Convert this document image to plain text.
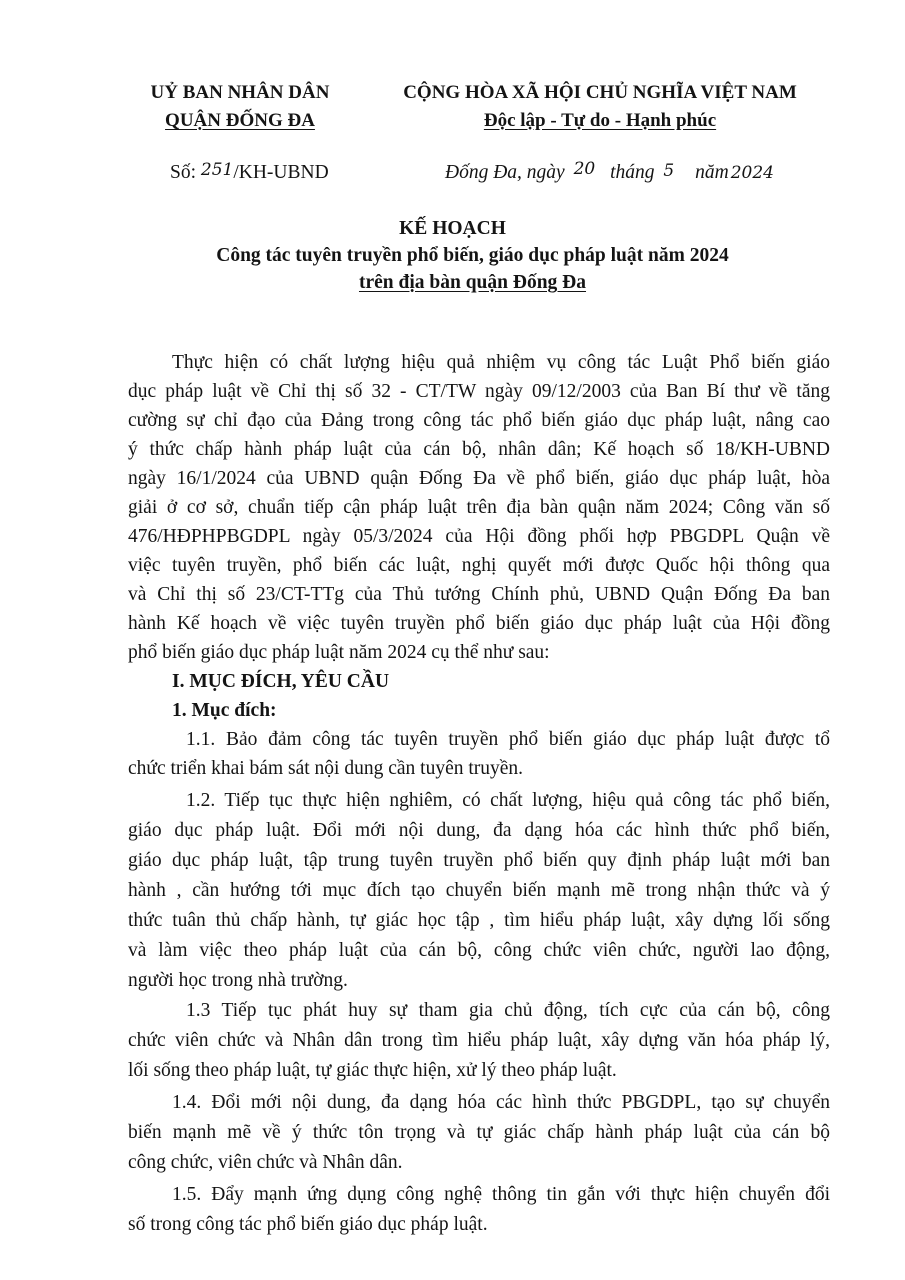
UỶ BAN NHÂN DÂN
QUẬN ĐỐNG ĐA
CỘNG HÒA XÃ HỘI CHỦ NGHĨA VIỆT NAM
Độc lập - Tự do - Hạnh phúc
Số: 251/KH-UBND	Đống Đa, ngày 20 tháng 5 năm 2024
KẾ HOẠCH
Công tác tuyên truyền phổ biến, giáo dục pháp luật năm 2024
trên địa bàn quận Đống Đa
Thực hiện có chất lượng hiệu quả nhiệm vụ công tác Luật Phổ biến giáo
dục pháp luật về Chỉ thị số 32 - CT/TW ngày 09/12/2003 của Ban Bí thư về tăng
cường sự chỉ đạo của Đảng trong công tác phổ biến giáo dục pháp luật, nâng cao
ý thức chấp hành pháp luật của cán bộ, nhân dân; Kế hoạch số 18/KH-UBND
ngày 16/1/2024 của UBND quận Đống Đa về phổ biến, giáo dục pháp luật, hòa
giải ở cơ sở, chuẩn tiếp cận pháp luật trên địa bàn quận năm 2024; Công văn số
476/HĐPHPBGDPL ngày 05/3/2024 của Hội đồng phối hợp PBGDPL Quận về
việc tuyên truyền, phổ biến các luật, nghị quyết mới được Quốc hội thông qua
và Chỉ thị số 23/CT-TTg của Thủ tướng Chính phủ, UBND Quận Đống Đa ban
hành Kế hoạch về việc tuyên truyền phổ biến giáo dục pháp luật của Hội đồng
phổ biến giáo dục pháp luật năm 2024 cụ thể như sau:
I. MỤC ĐÍCH, YÊU CẦU
1. Mục đích:
1.1. Bảo đảm công tác tuyên truyền phổ biến giáo dục pháp luật được tổ
chức triển khai bám sát nội dung cần tuyên truyền.
1.2. Tiếp tục thực hiện nghiêm, có chất lượng, hiệu quả công tác phổ biến,
giáo dục pháp luật. Đổi mới nội dung, đa dạng hóa các hình thức phổ biến,
giáo dục pháp luật, tập trung tuyên truyền phổ biến quy định pháp luật mới ban
hành , cần hướng tới mục đích tạo chuyển biến mạnh mẽ trong nhận thức và ý
thức tuân thủ chấp hành, tự giác học tập , tìm hiểu pháp luật, xây dựng lối sống
và làm việc theo pháp luật của cán bộ, công chức viên chức, người lao động,
người học trong nhà trường.
1.3 Tiếp tục phát huy sự tham gia chủ động, tích cực của cán bộ, công
chức viên chức và Nhân dân trong tìm hiểu pháp luật, xây dựng văn hóa pháp lý,
lối sống theo pháp luật, tự giác thực hiện, xử lý theo pháp luật.
1.4. Đổi mới nội dung, đa dạng hóa các hình thức PBGDPL, tạo sự chuyển
biến mạnh mẽ về ý thức tôn trọng và tự giác chấp hành pháp luật của cán bộ
công chức, viên chức và Nhân dân.
1.5. Đẩy mạnh ứng dụng công nghệ thông tin gắn với thực hiện chuyển đổi
số trong công tác phổ biến giáo dục pháp luật.
